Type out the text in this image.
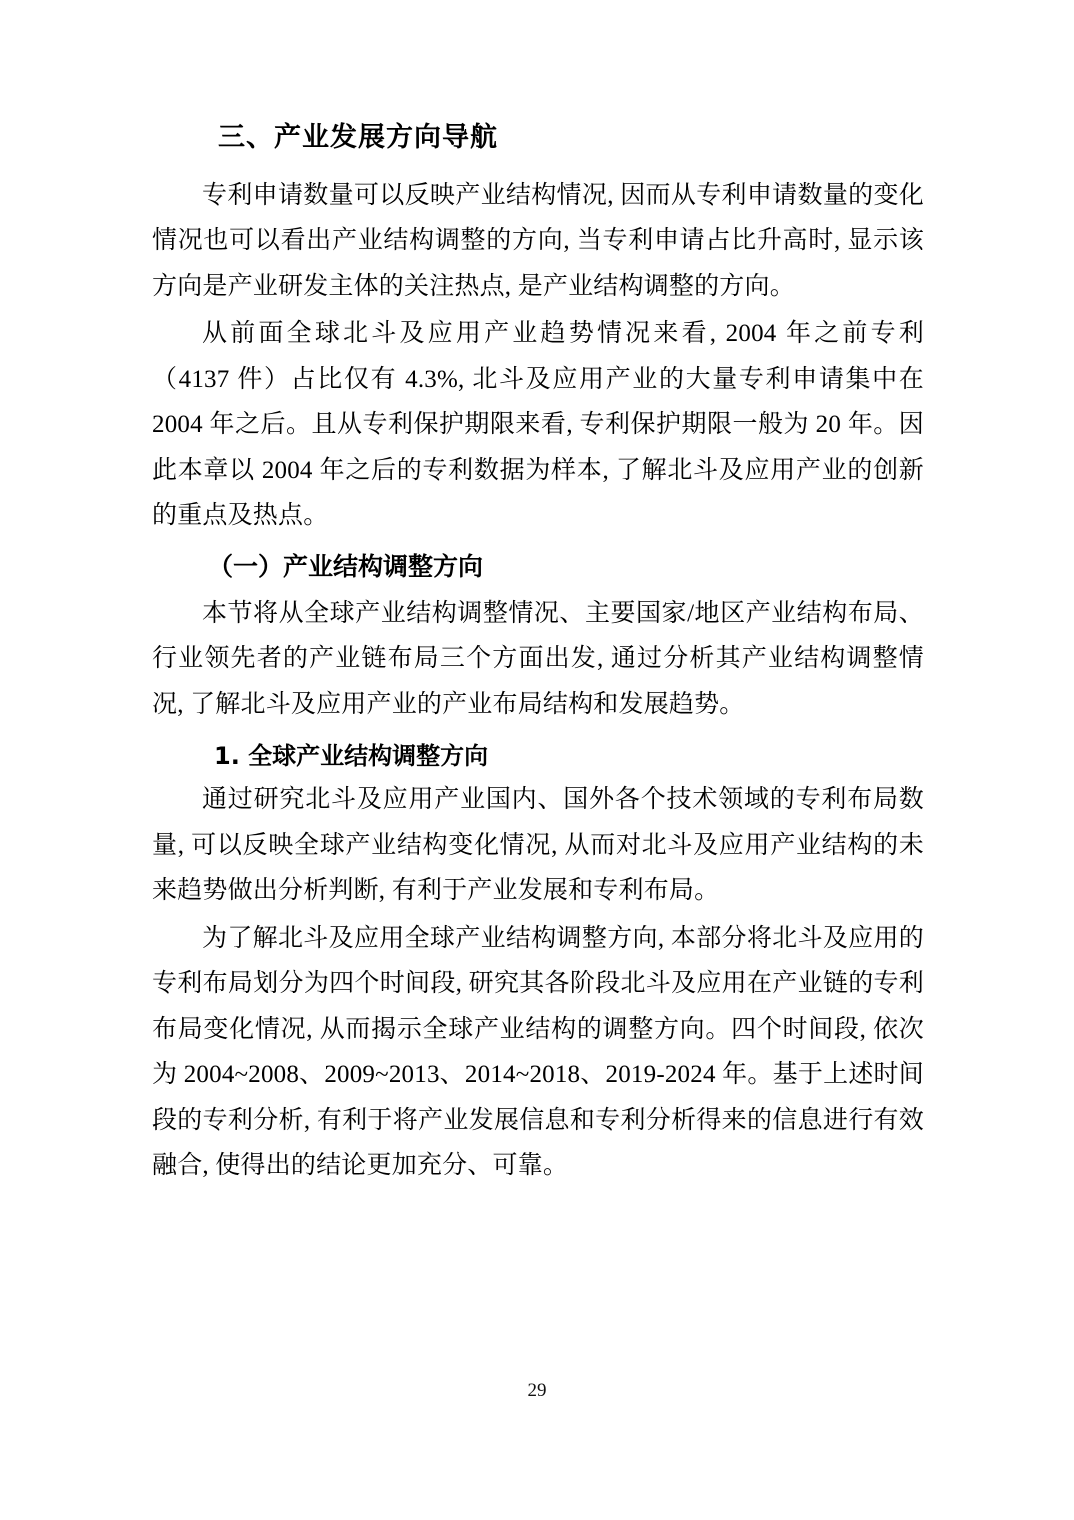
三、产业发展方向导航

专利申请数量可以反映产业结构情况, 因而从专利申请数量的变化情况也可以看出产业结构调整的方向, 当专利申请占比升高时, 显示该方向是产业研发主体的关注热点, 是产业结构调整的方向。

从前面全球北斗及应用产业趋势情况来看, 2004 年之前专利（4137 件）占比仅有 4.3%, 北斗及应用产业的大量专利申请集中在 2004 年之后。且从专利保护期限来看, 专利保护期限一般为 20 年。因此本章以 2004 年之后的专利数据为样本, 了解北斗及应用产业的创新的重点及热点。

（一）产业结构调整方向

本节将从全球产业结构调整情况、主要国家/地区产业结构布局、行业领先者的产业链布局三个方面出发, 通过分析其产业结构调整情况, 了解北斗及应用产业的产业布局结构和发展趋势。

1. 全球产业结构调整方向

通过研究北斗及应用产业国内、国外各个技术领域的专利布局数量, 可以反映全球产业结构变化情况, 从而对北斗及应用产业结构的未来趋势做出分析判断, 有利于产业发展和专利布局。

为了解北斗及应用全球产业结构调整方向, 本部分将北斗及应用的专利布局划分为四个时间段, 研究其各阶段北斗及应用在产业链的专利布局变化情况, 从而揭示全球产业结构的调整方向。四个时间段, 依次为 2004~2008、2009~2013、2014~2018、2019-2024 年。基于上述时间段的专利分析, 有利于将产业发展信息和专利分析得来的信息进行有效融合, 使得出的结论更加充分、可靠。

29
